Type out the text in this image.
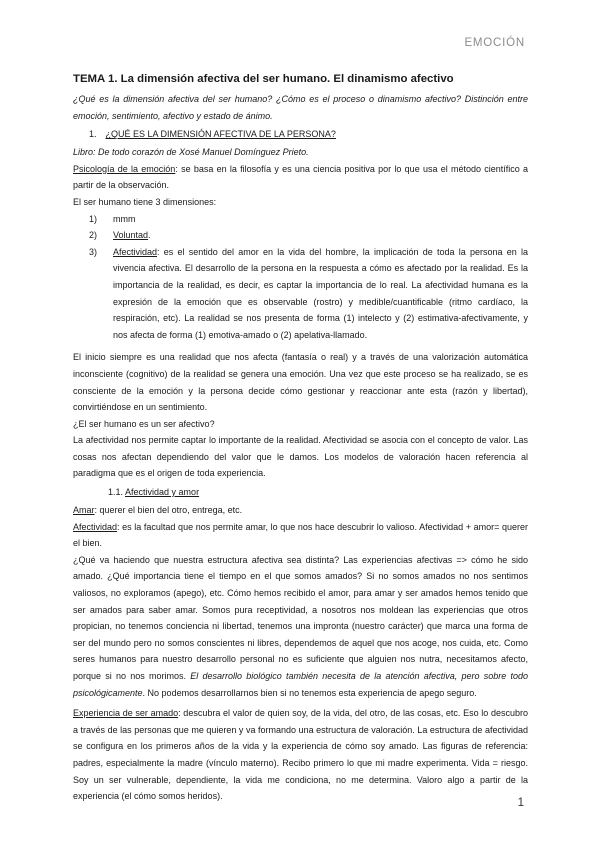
EMOCIÓN

TEMA 1. La dimensión afectiva del ser humano. El dinamismo afectivo

¿Qué es la dimensión afectiva del ser humano? ¿Cómo es el proceso o dinamismo afectivo? Distinción entre emoción, sentimiento, afectivo y estado de ánimo.

1. ¿QUÉ ES LA DIMENSIÓN AFECTIVA DE LA PERSONA?

Libro: De todo corazón de Xosé Manuel Domínguez Prieto.

Psicología de la emoción: se basa en la filosofía y es una ciencia positiva por lo que usa el método científico a partir de la observación.

El ser humano tiene 3 dimensiones:

1)	mmm
2)	Voluntad.
3)	Afectividad: es el sentido del amor en la vida del hombre, la implicación de toda la persona en la vivencia afectiva. El desarrollo de la persona en la respuesta a cómo es afectado por la realidad. Es la importancia de la realidad, es decir, es captar la importancia de lo real. La afectividad humana es la expresión de la emoción que es observable (rostro) y medible/cuantificable (ritmo cardíaco, la respiración, etc). La realidad se nos presenta de forma (1) intelecto y (2) estimativa-afectivamente, y nos afecta de forma (1) emotiva-amado o (2) apelativa-llamado.

El inicio siempre es una realidad que nos afecta (fantasía o real) y a través de una valorización automática inconsciente (cognitivo) de la realidad se genera una emoción. Una vez que este proceso se ha realizado, se es consciente de la emoción y la persona decide cómo gestionar y reaccionar ante esta (razón y libertad), convirtiéndose en un sentimiento.

¿El ser humano es un ser afectivo?

La afectividad nos permite captar lo importante de la realidad. Afectividad se asocia con el concepto de valor. Las cosas nos afectan dependiendo del valor que le damos. Los modelos de valoración hacen referencia al paradigma que es el origen de toda experiencia.

1.1. Afectividad y amor

Amar: querer el bien del otro, entrega, etc.

Afectividad: es la facultad que nos permite amar, lo que nos hace descubrir lo valioso. Afectividad + amor= querer el bien.

¿Qué va haciendo que nuestra estructura afectiva sea distinta? Las experiencias afectivas => cómo he sido amado. ¿Qué importancia tiene el tiempo en el que somos amados? Si no somos amados no nos sentimos valiosos, no exploramos (apego), etc. Cómo hemos recibido el amor, para amar y ser amados hemos tenido que ser amados para saber amar. Somos pura receptividad, a nosotros nos moldean las experiencias que otros propician, no tenemos conciencia ni libertad, tenemos una impronta (nuestro carácter) que marca una forma de ser del mundo pero no somos conscientes ni libres, dependemos de aquel que nos acoge, nos cuida, etc. Como seres humanos para nuestro desarrollo personal no es suficiente que alguien nos nutra, necesitamos afecto, porque si no nos morimos. El desarrollo biológico también necesita de la atención afectiva, pero sobre todo psicológicamente. No podemos desarrollarnos bien si no tenemos esta experiencia de apego seguro.

Experiencia de ser amado: descubra el valor de quien soy, de la vida, del otro, de las cosas, etc. Eso lo descubro a través de las personas que me quieren y va formando una estructura de valoración. La estructura de afectividad se configura en los primeros años de la vida y la experiencia de cómo soy amado. Las figuras de referencia: padres, especialmente la madre (vínculo materno). Recibo primero lo que mi madre experimenta. Vida = riesgo. Soy un ser vulnerable, dependiente, la vida me condiciona, no me determina. Valoro algo a partir de la experiencia (el cómo somos heridos).

1
